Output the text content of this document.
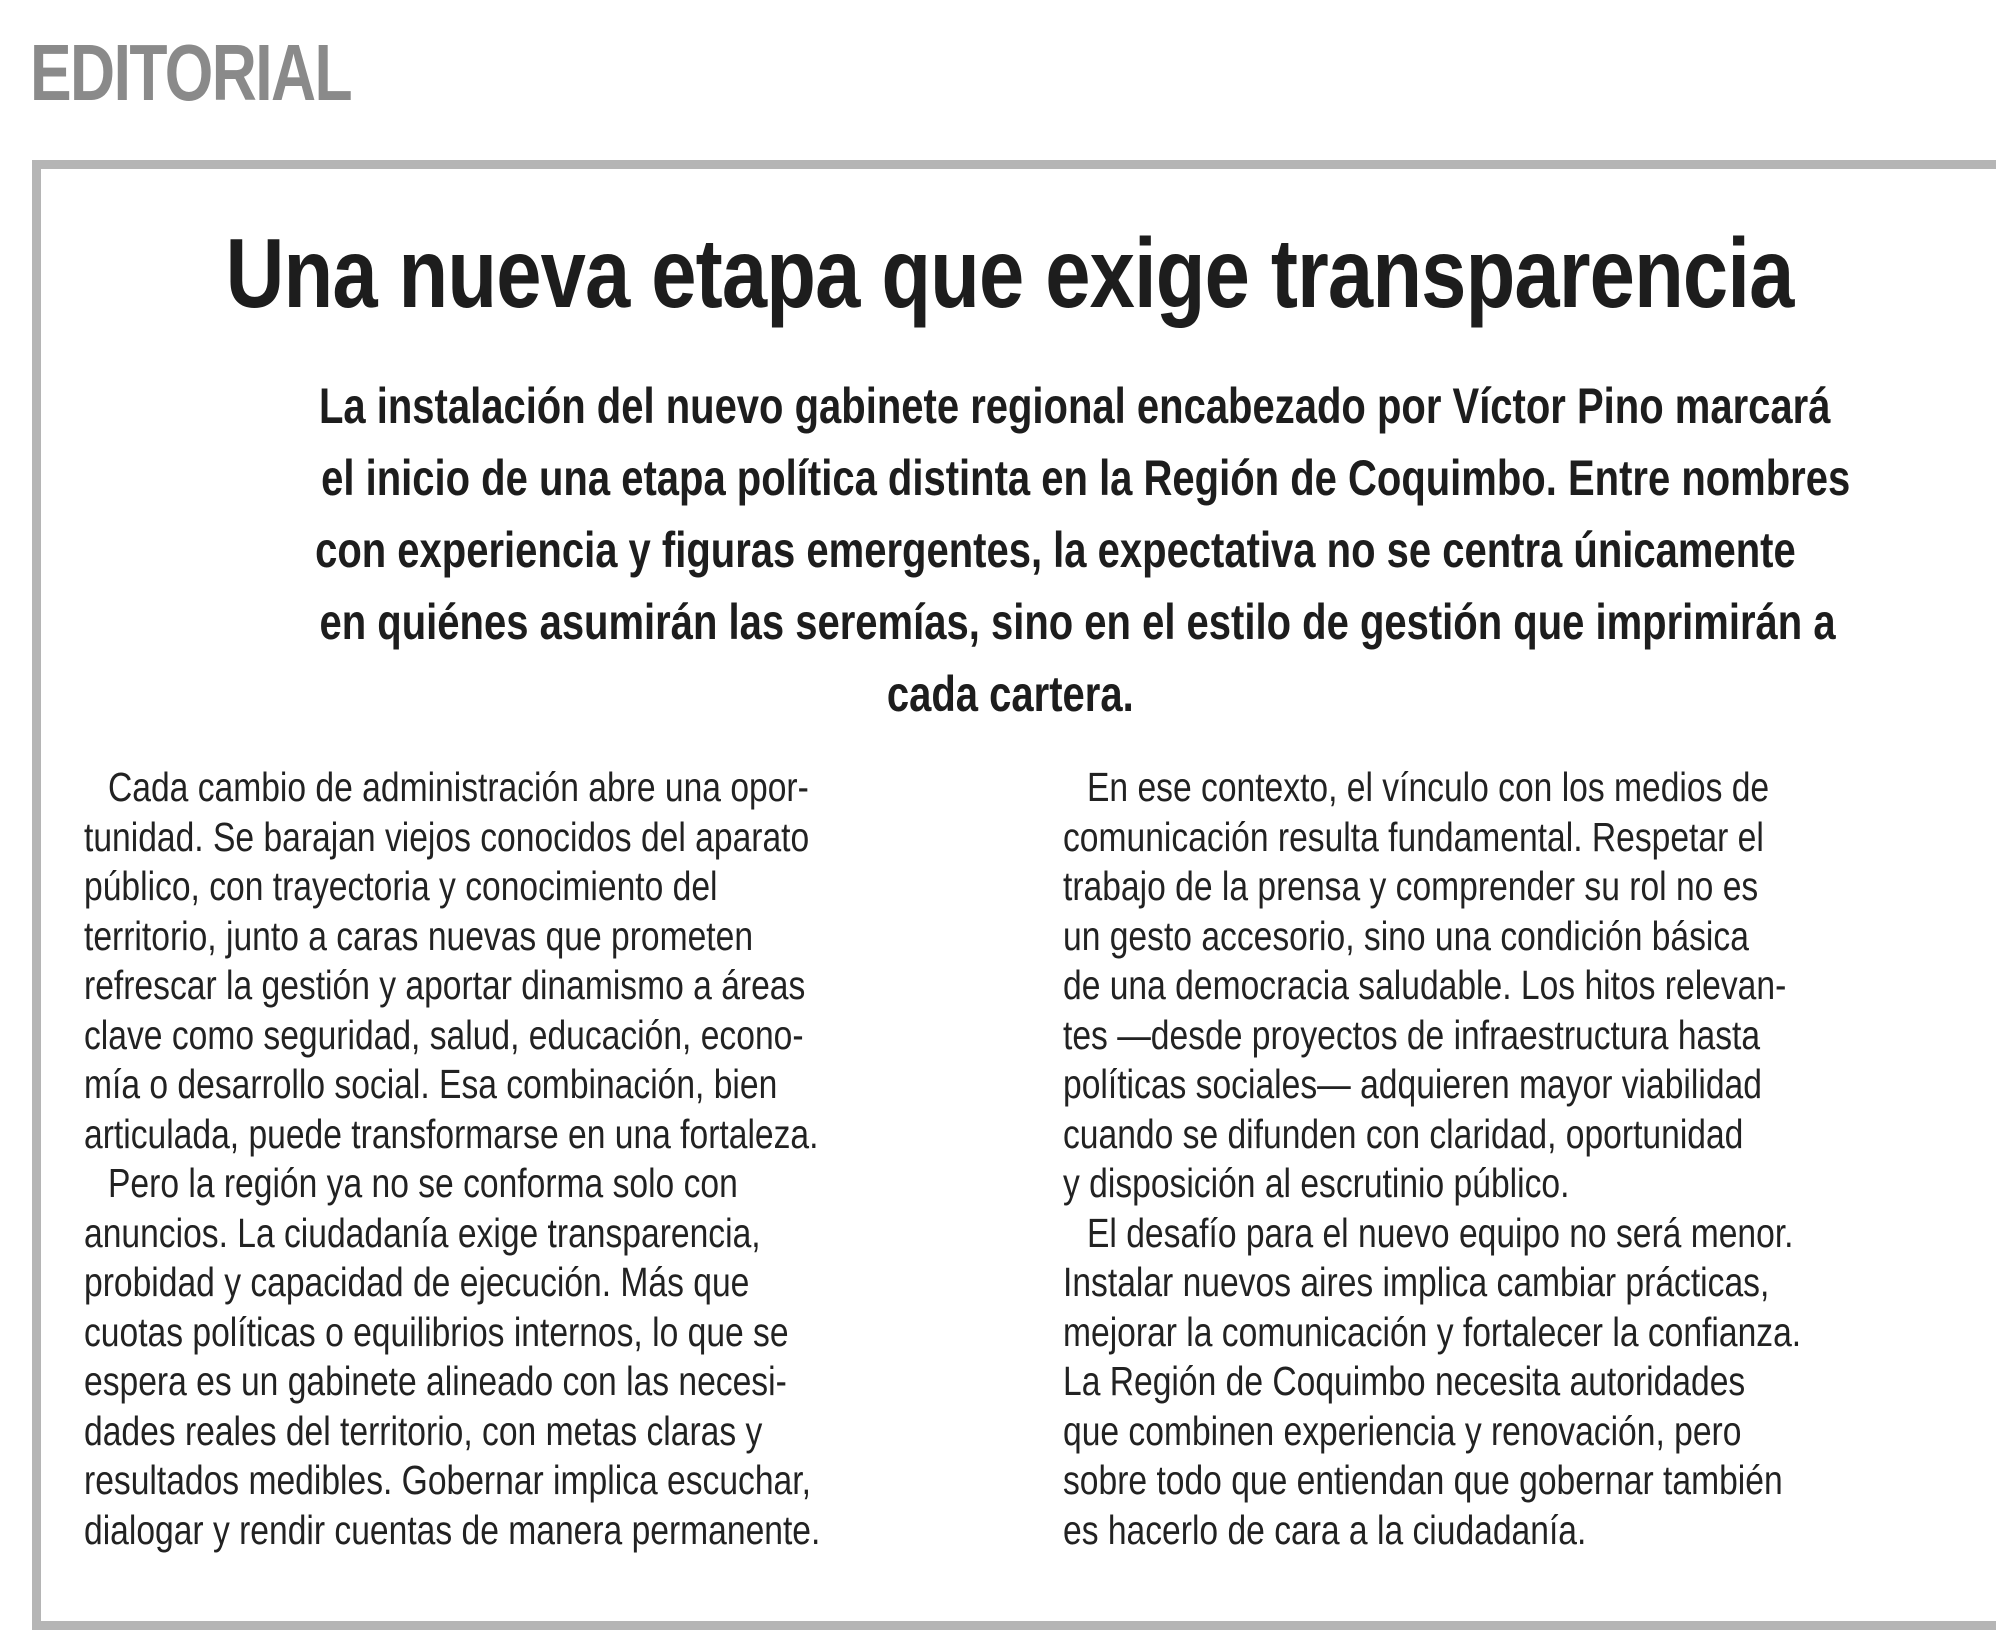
EDITORIAL
Una nueva etapa que exige transparencia
La instalación del nuevo gabinete regional encabezado por Víctor Pino marcará
el inicio de una etapa política distinta en la Región de Coquimbo. Entre nombres
con experiencia y figuras emergentes, la expectativa no se centra únicamente
en quiénes asumirán las seremías, sino en el estilo de gestión que imprimirán a
cada cartera.
Cada cambio de administración abre una opor-
tunidad. Se barajan viejos conocidos del aparato
público, con trayectoria y conocimiento del
territorio, junto a caras nuevas que prometen
refrescar la gestión y aportar dinamismo a áreas
clave como seguridad, salud, educación, econo-
mía o desarrollo social. Esa combinación, bien
articulada, puede transformarse en una fortaleza.
Pero la región ya no se conforma solo con
anuncios. La ciudadanía exige transparencia,
probidad y capacidad de ejecución. Más que
cuotas políticas o equilibrios internos, lo que se
espera es un gabinete alineado con las necesi-
dades reales del territorio, con metas claras y
resultados medibles. Gobernar implica escuchar,
dialogar y rendir cuentas de manera permanente.
En ese contexto, el vínculo con los medios de
comunicación resulta fundamental. Respetar el
trabajo de la prensa y comprender su rol no es
un gesto accesorio, sino una condición básica
de una democracia saludable. Los hitos relevan-
tes —desde proyectos de infraestructura hasta
políticas sociales— adquieren mayor viabilidad
cuando se difunden con claridad, oportunidad
y disposición al escrutinio público.
El desafío para el nuevo equipo no será menor.
Instalar nuevos aires implica cambiar prácticas,
mejorar la comunicación y fortalecer la confianza.
La Región de Coquimbo necesita autoridades
que combinen experiencia y renovación, pero
sobre todo que entiendan que gobernar también
es hacerlo de cara a la ciudadanía.
